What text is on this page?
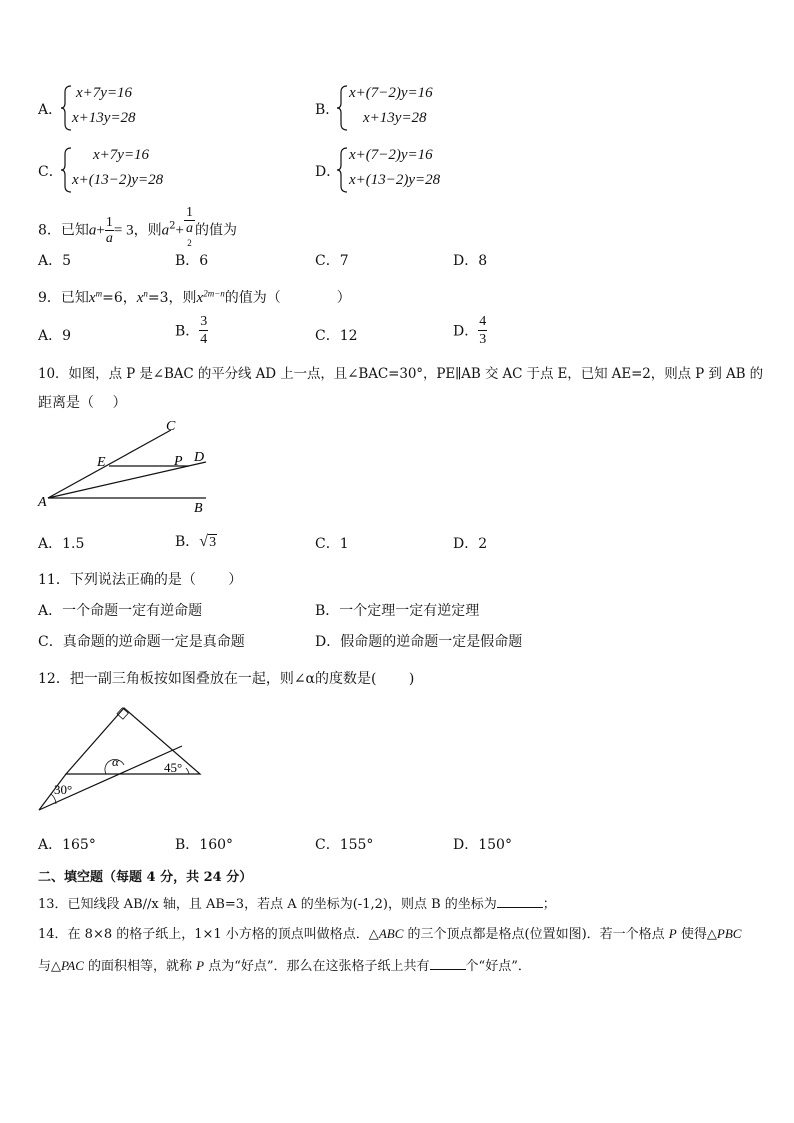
A．
x+7y=16
x+13y=28	B．
x+(7−2)y=16
x+13y=28
C．
x+7y=16
x+(13−2)y=28	D．
x+(7−2)y=16
x+(13−2)y=28
8．已知$a+ \frac{1}{a} = 3$，则$a^2+ 1$
a
$^2$ 的值为
A．5	B．6	C．7	D．8
9．已知$x^m=6$，$x^n=3$，则$x^{2m-n}$的值为（　　　　）
A．9	B． $\frac{3}{4}$	C．12	D． $\frac{4}{3}$
10．如图，点 P 是∠BAC 的平分线 AD 上一点，且∠BAC=30°，PE∥AB 交 AC 于点 E，已知 AE=2，则点 P 到 AB 的
距离是（　 ）
C
E	P D
A	B
A．1.5	B．√3	C．1	D．2
11．下列说法正确的是（　　 ）
A．一个命题一定有逆命题	B．一个定理一定有逆定理
C．真命题的逆命题一定是真命题	D．假命题的逆命题一定是假命题
12．把一副三角板按如图叠放在一起，则∠α的度数是(　　 )
α	45°
30°
A．165°	B．160°	C．155°	D．150°
二、填空题（每题 4 分，共 24 分）
13．已知线段 AB//x 轴，且 AB=3，若点 A 的坐标为(-1,2)，则点 B 的坐标为	；
14．在 8×8 的格子纸上，1×1 小方格的顶点叫做格点．△ABC 的三个顶点都是格点(位置如图)．若一个格点 P 使得△PBC
与△PAC 的面积相等，就称 P 点为“好点”．那么在这张格子纸上共有	个“好点”．
